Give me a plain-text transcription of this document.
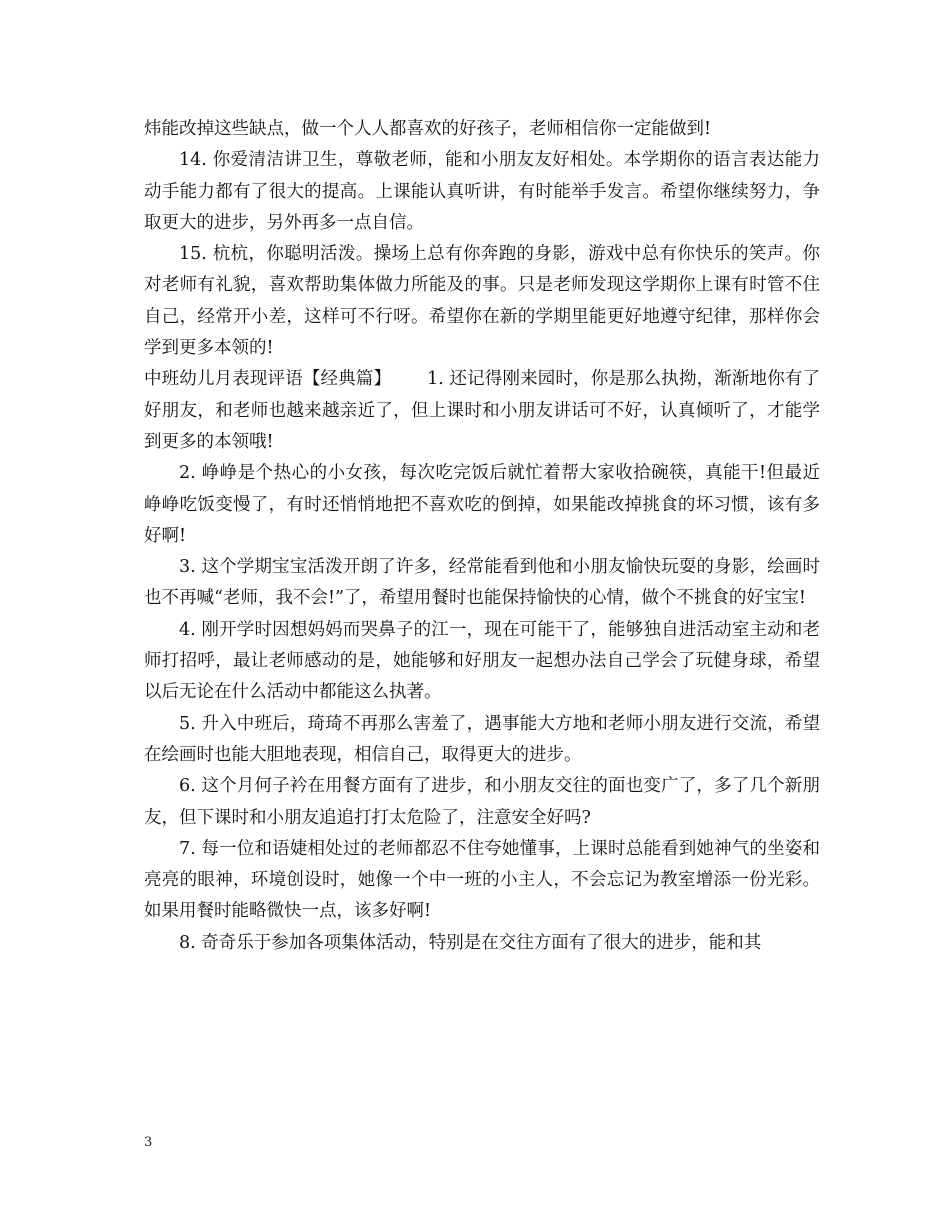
炜能改掉这些缺点，做一个人人都喜欢的好孩子，老师相信你一定能做到!

14. 你爱清洁讲卫生，尊敬老师，能和小朋友友好相处。本学期你的语言表达能力动手能力都有了很大的提高。上课能认真听讲，有时能举手发言。希望你继续努力，争取更大的进步，另外再多一点自信。

15. 杭杭，你聪明活泼。操场上总有你奔跑的身影，游戏中总有你快乐的笑声。你对老师有礼貌，喜欢帮助集体做力所能及的事。只是老师发现这学期你上课有时管不住自己，经常开小差，这样可不行呀。希望你在新的学期里能更好地遵守纪律，那样你会学到更多本领的!

中班幼儿月表现评语【经典篇】 1. 还记得刚来园时，你是那么执拗，渐渐地你有了好朋友，和老师也越来越亲近了，但上课时和小朋友讲话可不好，认真倾听了，才能学到更多的本领哦!

2. 峥峥是个热心的小女孩，每次吃完饭后就忙着帮大家收拾碗筷，真能干!但最近峥峥吃饭变慢了，有时还悄悄地把不喜欢吃的倒掉，如果能改掉挑食的坏习惯，该有多好啊!

3. 这个学期宝宝活泼开朗了许多，经常能看到他和小朋友愉快玩耍的身影，绘画时也不再喊“老师，我不会!”了，希望用餐时也能保持愉快的心情，做个不挑食的好宝宝!

4. 刚开学时因想妈妈而哭鼻子的江一，现在可能干了，能够独自进活动室主动和老师打招呼，最让老师感动的是，她能够和好朋友一起想办法自己学会了玩健身球，希望以后无论在什么活动中都能这么执著。

5. 升入中班后，琦琦不再那么害羞了，遇事能大方地和老师小朋友进行交流，希望在绘画时也能大胆地表现，相信自己，取得更大的进步。

6. 这个月何子衿在用餐方面有了进步，和小朋友交往的面也变广了，多了几个新朋友，但下课时和小朋友追追打打太危险了，注意安全好吗?

7. 每一位和语婕相处过的老师都忍不住夸她懂事，上课时总能看到她神气的坐姿和亮亮的眼神，环境创设时，她像一个中一班的小主人，不会忘记为教室增添一份光彩。如果用餐时能略微快一点，该多好啊!

8. 奇奇乐于参加各项集体活动，特别是在交往方面有了很大的进步，能和其

3
